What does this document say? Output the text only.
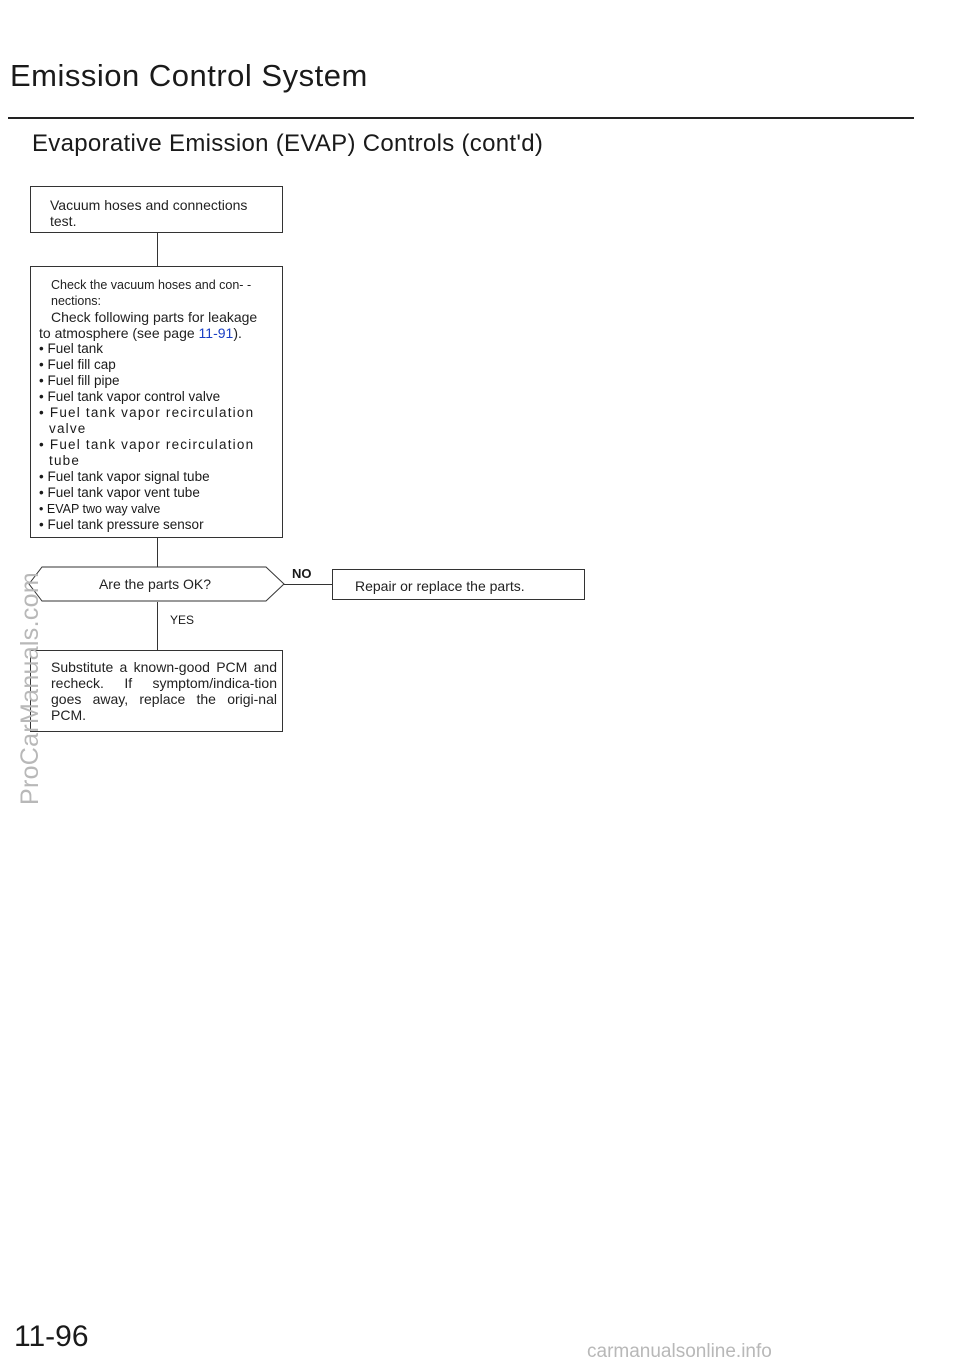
Emission Control System
Evaporative Emission (EVAP) Controls (cont'd)
Vacuum hoses and connections test.
Check the vacuum hoses and con- -
nections:
Check following parts for leakage
to atmosphere (see page 11-91).
• Fuel tank
• Fuel fill cap
• Fuel fill pipe
• Fuel tank vapor control valve
• Fuel tank vapor recirculation valve
• Fuel tank vapor recirculation tube
• Fuel tank vapor signal tube
• Fuel tank vapor vent tube
• EVAP two way valve
• Fuel tank pressure sensor
Are the parts OK?
NO
Repair or replace the parts.
YES
Substitute a known-good PCM and recheck. If symptom/indica-tion goes away, replace the origi-nal PCM.
ProCarManuals.com
11-96	carmanualsonline.info
